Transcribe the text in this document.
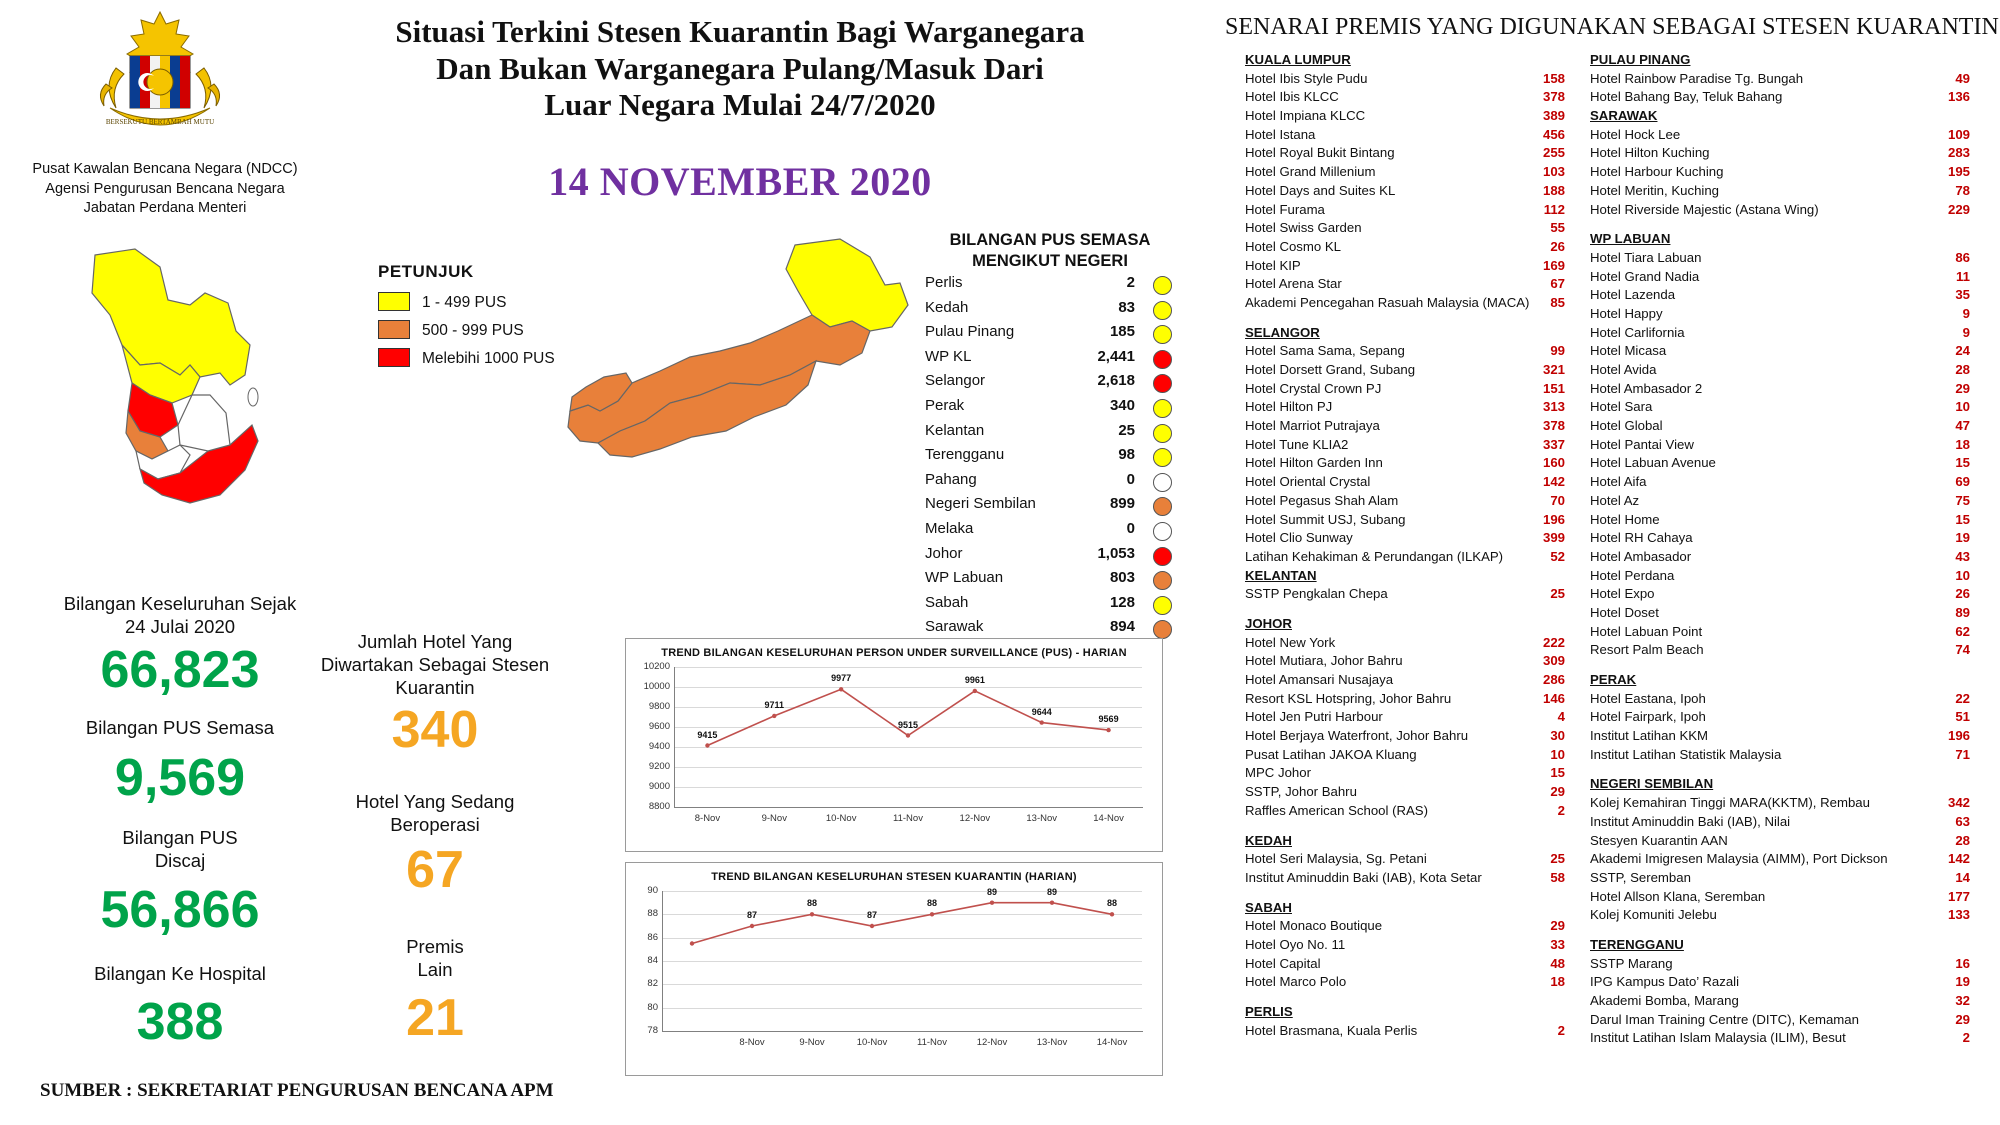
BERSEKUTU BERTAMBAH MUTU
Pusat Kawalan Bencana Negara (NDCC)
Agensi Pengurusan Bencana Negara
Jabatan Perdana Menteri
Situasi Terkini Stesen Kuarantin Bagi Warganegara
Dan Bukan Warganegara Pulang/Masuk Dari
Luar Negara Mulai 24/7/2020
14 NOVEMBER 2020
PETUNJUK
1 - 499 PUS
500 - 999 PUS
Melebihi 1000 PUS
BILANGAN PUS SEMASA
MENGIKUT NEGERI
Perlis	2
Kedah	83
Pulau Pinang	185
WP KL	2,441
Selangor	2,618
Perak	340
Kelantan	25
Terengganu	98
Pahang	0
Negeri Sembilan	899
Melaka	0
Johor	1,053
WP Labuan	803
Sabah	128
Sarawak	894
Bilangan Keseluruhan Sejak
24 Julai 2020
66,823
Bilangan PUS Semasa
9,569
Bilangan PUS
Discaj
56,866
Bilangan Ke Hospital
388
Jumlah Hotel Yang
Diwartakan Sebagai Stesen
Kuarantin
340
Hotel Yang Sedang
Beroperasi
67
Premis
Lain
21
SUMBER : SEKRETARIAT PENGURUSAN BENCANA APM
TREND BILANGAN KESELURUHAN PERSON UNDER SURVEILLANCE (PUS) - HARIAN
8800
9000
9200
9400
9600
9800
10000
10200
8-Nov	9-Nov	10-Nov	11-Nov	12-Nov	13-Nov	14-Nov
9415
9711
9977
9515
9961
9644
9569
TREND BILANGAN KESELURUHAN STESEN KUARANTIN (HARIAN)
78
80
82
84
86
88
90
8-Nov	9-Nov	10-Nov	11-Nov	12-Nov	13-Nov	14-Nov
87
88
87
88
89	89
88
SENARAI PREMIS YANG DIGUNAKAN SEBAGAI STESEN KUARANTIN
KUALA LUMPUR
Hotel Ibis Style Pudu	158
Hotel Ibis KLCC	378
Hotel Impiana KLCC	389
Hotel Istana	456
Hotel Royal Bukit Bintang	255
Hotel Grand Millenium	103
Hotel Days and Suites KL	188
Hotel Furama	112
Hotel Swiss Garden	55
Hotel Cosmo KL	26
Hotel KIP	169
Hotel Arena Star	67
Akademi Pencegahan Rasuah Malaysia (MACA)	85
SELANGOR
Hotel Sama Sama, Sepang	99
Hotel Dorsett Grand, Subang	321
Hotel Crystal Crown PJ	151
Hotel Hilton PJ	313
Hotel Marriot Putrajaya	378
Hotel Tune KLIA2	337
Hotel Hilton Garden Inn	160
Hotel Oriental Crystal	142
Hotel Pegasus Shah Alam	70
Hotel Summit USJ, Subang	196
Hotel Clio Sunway	399
Latihan Kehakiman & Perundangan (ILKAP)	52
KELANTAN
SSTP Pengkalan Chepa	25
JOHOR
Hotel New York	222
Hotel Mutiara, Johor Bahru	309
Hotel Amansari Nusajaya	286
Resort KSL Hotspring, Johor Bahru	146
Hotel Jen Putri Harbour	4
Hotel Berjaya Waterfront, Johor Bahru	30
Pusat Latihan JAKOA Kluang	10
MPC Johor	15
SSTP, Johor Bahru	29
Raffles American School (RAS)	2
KEDAH
Hotel Seri Malaysia, Sg. Petani	25
Institut Aminuddin Baki (IAB), Kota Setar	58
SABAH
Hotel Monaco Boutique	29
Hotel Oyo No. 11	33
Hotel Capital	48
Hotel Marco Polo	18
PERLIS
Hotel Brasmana, Kuala Perlis	2
PULAU PINANG
Hotel Rainbow Paradise Tg. Bungah	49
Hotel Bahang Bay, Teluk Bahang	136
SARAWAK
Hotel Hock Lee	109
Hotel Hilton Kuching	283
Hotel Harbour Kuching	195
Hotel Meritin, Kuching	78
Hotel Riverside Majestic (Astana Wing)	229
WP LABUAN
Hotel Tiara Labuan	86
Hotel Grand Nadia	11
Hotel Lazenda	35
Hotel Happy	9
Hotel Carlifornia	9
Hotel Micasa	24
Hotel Avida	28
Hotel Ambasador 2	29
Hotel Sara	10
Hotel Global	47
Hotel Pantai View	18
Hotel Labuan Avenue	15
Hotel Aifa	69
Hotel Az	75
Hotel Home	15
Hotel RH Cahaya	19
Hotel Ambasador	43
Hotel Perdana	10
Hotel Expo	26
Hotel Doset	89
Hotel Labuan Point	62
Resort Palm Beach	74
PERAK
Hotel Eastana, Ipoh	22
Hotel Fairpark, Ipoh	51
Institut Latihan KKM	196
Institut Latihan Statistik Malaysia	71
NEGERI SEMBILAN
Kolej Kemahiran Tinggi MARA(KKTM), Rembau	342
Institut Aminuddin Baki (IAB), Nilai	63
Stesyen Kuarantin AAN	28
Akademi Imigresen Malaysia (AIMM), Port Dickson	142
SSTP, Seremban	14
Hotel Allson Klana, Seremban	177
Kolej Komuniti Jelebu	133
TERENGGANU
SSTP Marang	16
IPG Kampus Dato’ Razali	19
Akademi Bomba, Marang	32
Darul Iman Training Centre (DITC), Kemaman	29
Institut Latihan Islam Malaysia (ILIM), Besut	2
